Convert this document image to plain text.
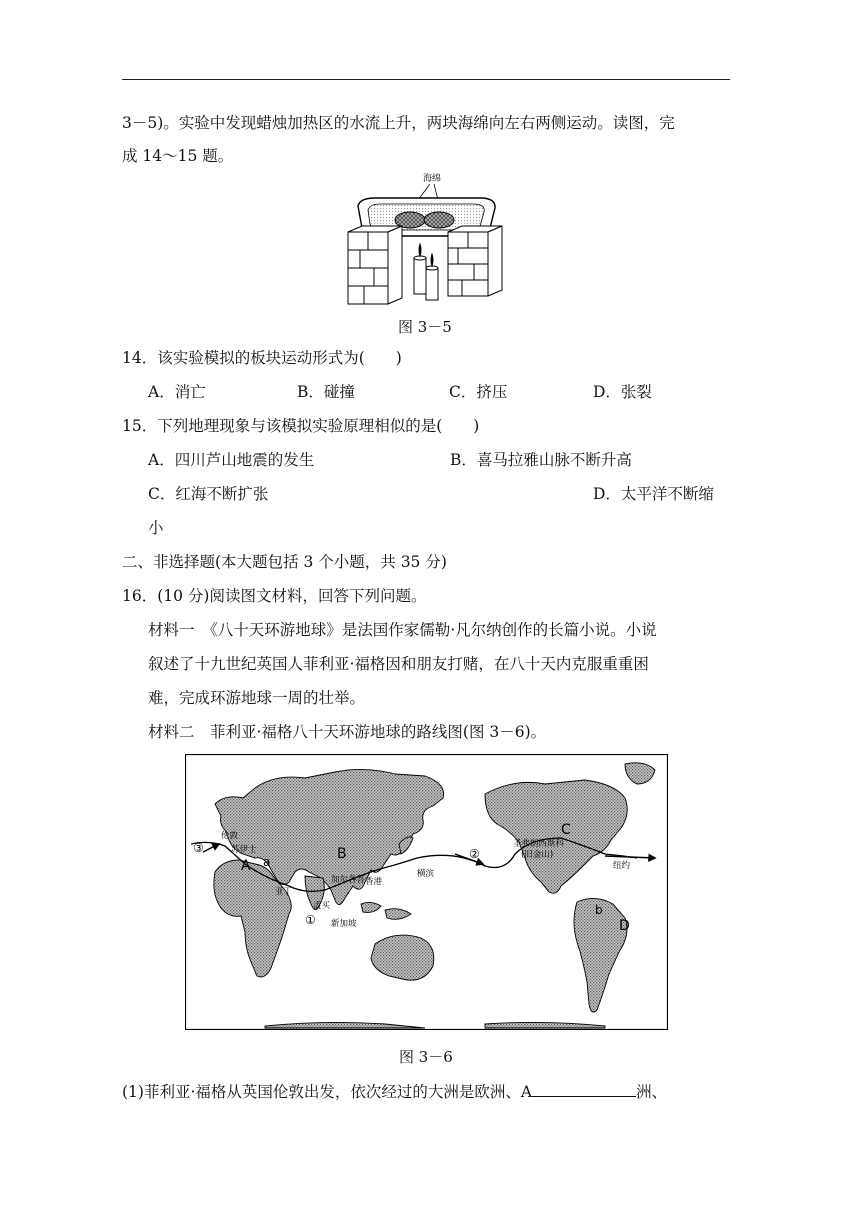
3－5)。实验中发现蜡烛加热区的水流上升，两块海绵向左右两侧运动。读图，完
成 14～15 题。
海绵
图 3－5
14．该实验模拟的板块运动形式为(　　)
A．消亡	B．碰撞	C．挤压	D．张裂
15．下列地理现象与该模拟实验原理相似的是(　　)
A．四川芦山地震的发生	B．喜马拉雅山脉不断升高
C．红海不断扩张	D．太平洋不断缩
小
二、非选择题(本大题包括 3 个小题，共 35 分)
16．(10 分)阅读图文材料，回答下列问题。
材料一　《八十天环游地球》是法国作家儒勒·凡尔纳创作的长篇小说。小说
叙述了十九世纪英国人菲利亚·福格因和朋友打赌，在八十天内克服重重困
难，完成环游地球一周的壮举。
材料二　菲利亚·福格八十天环游地球的路线图(图 3－6)。
A
B
C
D
③	②
①
a
b
伦敦
苏伊士
亚丁
孟买
加尔各答 香港
新加坡
横滨
圣弗朗西斯科
(旧金山)
纽约
图 3－6
(1)菲利亚·福格从英国伦敦出发，依次经过的大洲是欧洲、A	洲、
